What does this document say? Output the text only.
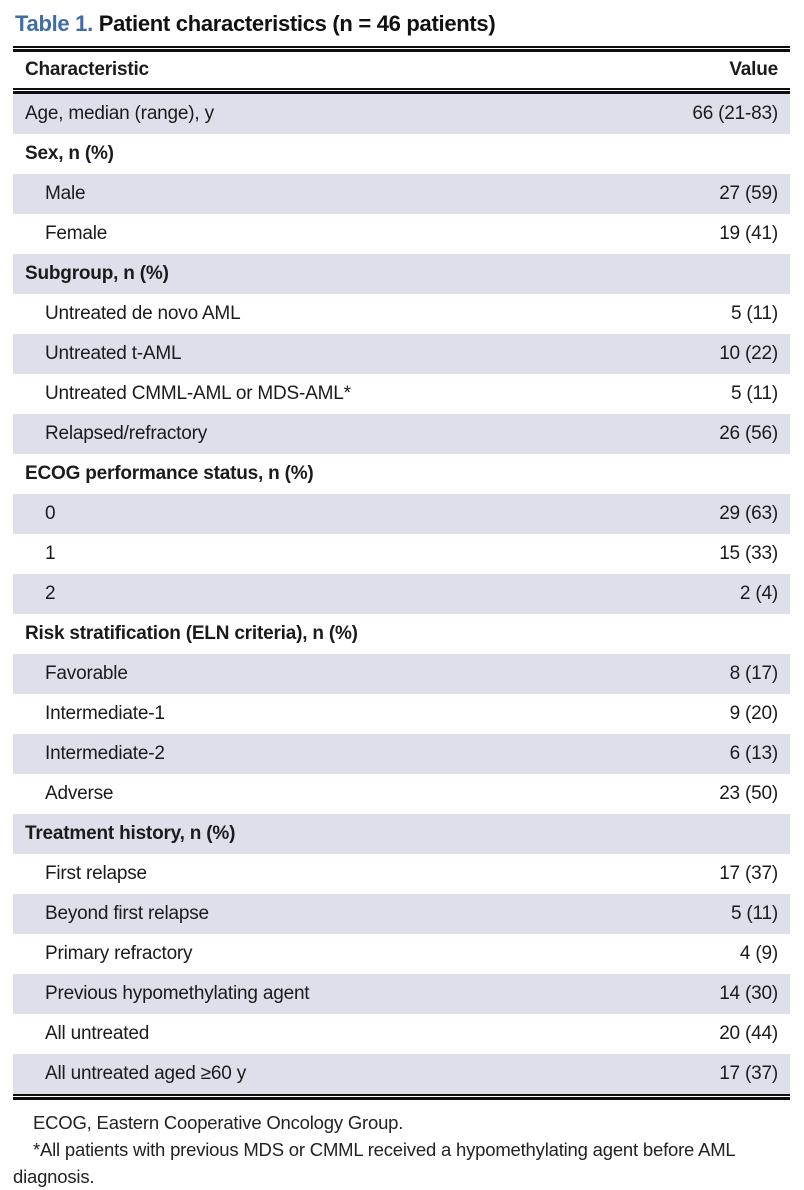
Table 1. Patient characteristics (n = 46 patients)
Characteristic	Value
Age, median (range), y	66 (21-83)
Sex, n (%)
Male	27 (59)
Female	19 (41)
Subgroup, n (%)
Untreated de novo AML	5 (11)
Untreated t-AML	10 (22)
Untreated CMML-AML or MDS-AML*	5 (11)
Relapsed/refractory	26 (56)
ECOG performance status, n (%)
0	29 (63)
1	15 (33)
2	2 (4)
Risk stratification (ELN criteria), n (%)
Favorable	8 (17)
Intermediate-1	9 (20)
Intermediate-2	6 (13)
Adverse	23 (50)
Treatment history, n (%)
First relapse	17 (37)
Beyond first relapse	5 (11)
Primary refractory	4 (9)
Previous hypomethylating agent	14 (30)
All untreated	20 (44)
All untreated aged ≥60 y	17 (37)

ECOG, Eastern Cooperative Oncology Group.

*All patients with previous MDS or CMML received a hypomethylating agent before AML diagnosis.
